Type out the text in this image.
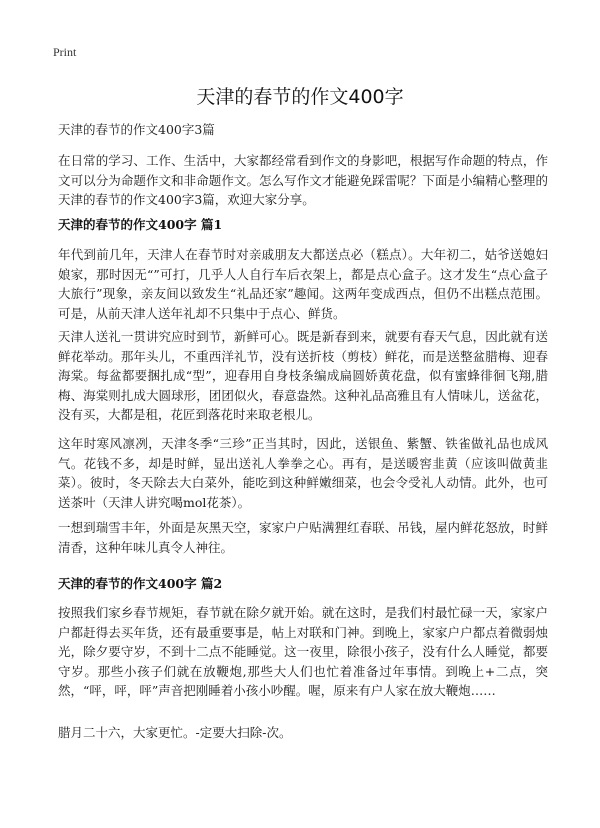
Print
天津的春节的作文400字
天津的春节的作文400字3篇

在日常的学习、工作、生活中，大家都经常看到作文的身影吧，根据写作命题的特点，作文可以分为命题作文和非命题作文。怎么写作文才能避免踩雷呢？下面是小编精心整理的天津的春节的作文400字3篇，欢迎大家分享。

天津的春节的作文400字 篇1

年代到前几年，天津人在春节时对亲戚朋友大都送点必（糕点）。大年初二，姑爷送媳妇娘家，那时因无“”可打，几乎人人自行车后衣架上，都是点心盒子。这才发生“点心盒子大旅行”现象，亲友间以致发生“礼品还家”趣闻。这两年变成西点，但仍不出糕点范围。可是，从前天津人送年礼却不只集中于点心、鲜货。

天津人送礼一贯讲究应时到节，新鲜可心。既是新春到来，就要有春天气息，因此就有送鲜花举动。那年头儿，不重西洋礼节，没有送折枝（剪枝）鲜花，而是送整盆腊梅、迎春海棠。每盆都要捆扎成“型”，迎春用自身枝条编成扁圆娇黄花盘，似有蜜蜂徘徊飞翔,腊梅、海棠则扎成大圆球形，团团似火，春意盎然。这种礼品高雅且有人情味儿，送盆花，没有买，大都是租，花匠到落花时来取老根儿。

这年时寒风凛冽，天津冬季“三珍”正当其时，因此，送银鱼、紫蟹、铁雀做礼品也成风气。花钱不多，却是时鲜，显出送礼人拳拳之心。再有，是送暖窖韭黄（应该叫做黄韭菜）。彼时，冬天除去大白菜外，能吃到这种鲜嫩细菜，也会令受礼人动情。此外，也可送茶叶（天津人讲究喝mol花茶）。

一想到瑞雪丰年，外面是灰黑天空，家家户户贴满狸红春联、吊钱，屋内鲜花怒放，时鲜清香，这种年味儿真令人神往。

天津的春节的作文400字 篇2

按照我们家乡春节规矩，春节就在除夕就开始。就在这时，是我们村最忙碌一天，家家户户都赶得去买年货，还有最重要事是，帖上对联和门神。到晚上，家家户户都点着微弱烛光，除夕要守岁，不到十二点不能睡觉。这一夜里，除很小孩子，没有什么人睡觉，都要守岁。那些小孩子们就在放鞭炮,那些大人们也忙着准备过年事情。到晚上+二点，突然，“呯，呯，呯”声音把刚睡着小孩小吵醒。喔，原来有户人家在放大鞭炮……

腊月二十六，大家更忙。-定要大扫除-次。
